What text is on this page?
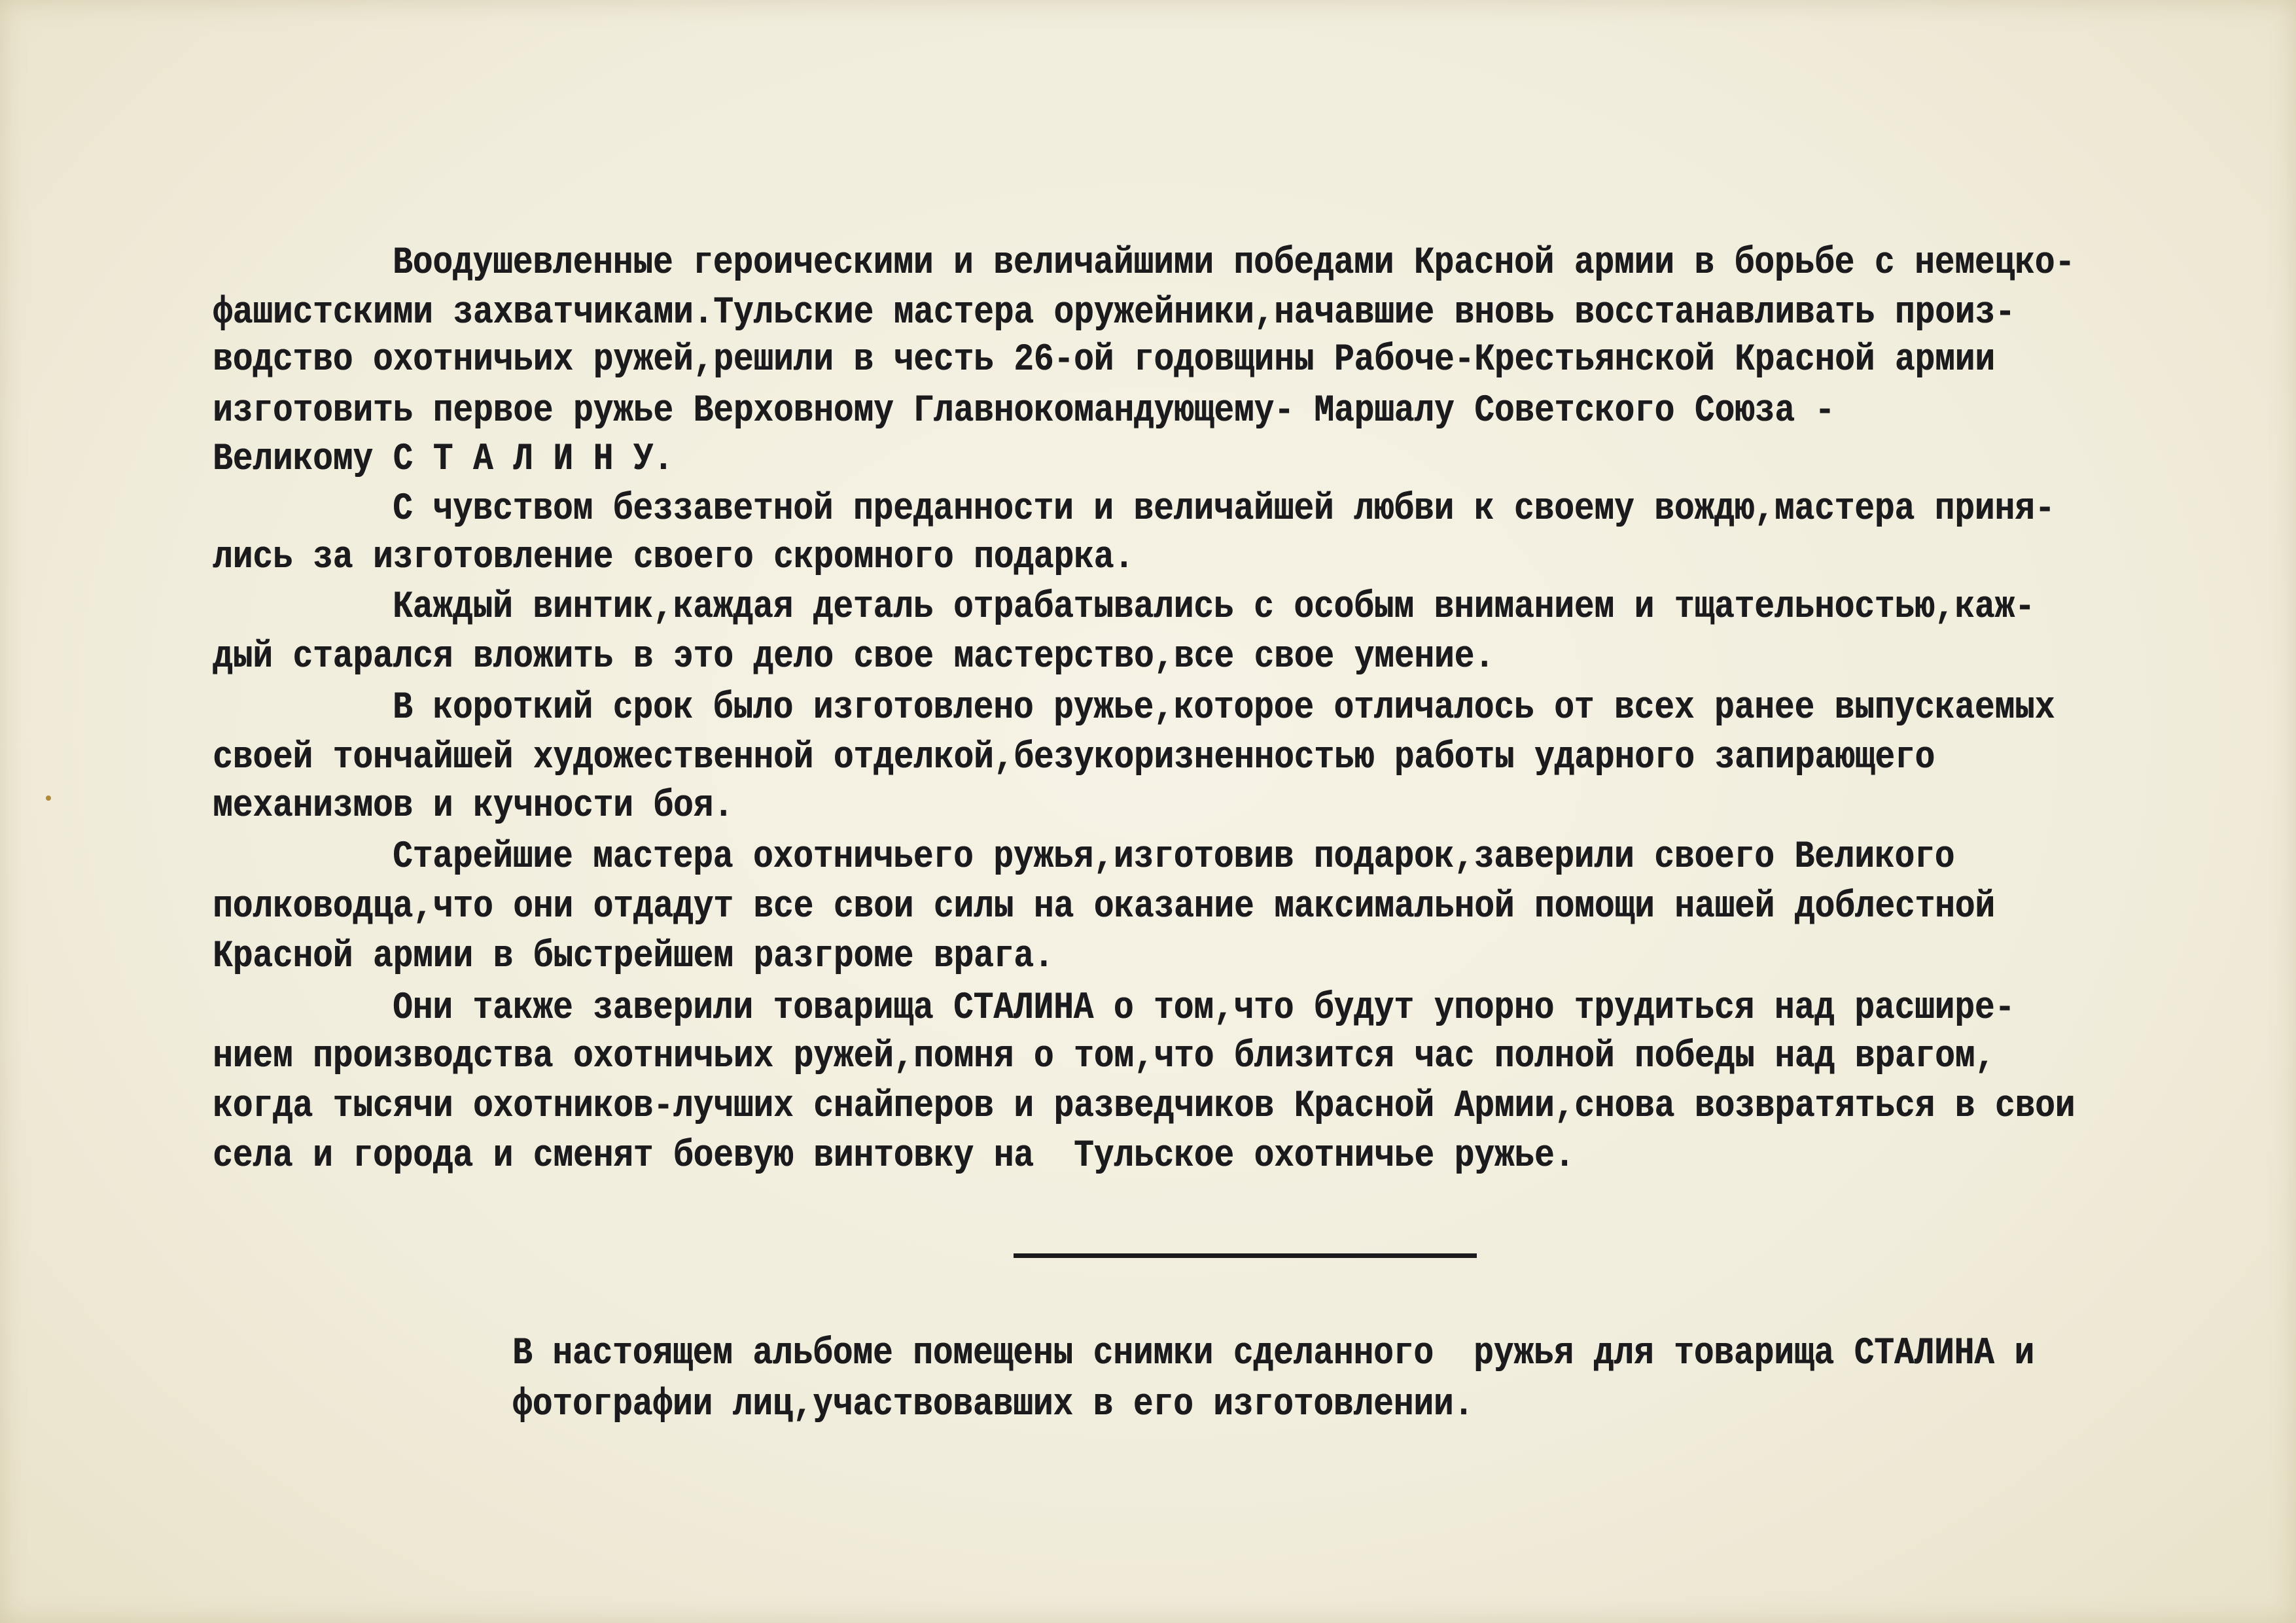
Воодушевленные героическими и величайшими победами Красной армии в борьбе с немецко-
фашистскими захватчиками.Тульские мастера оружейники,начавшие вновь восстанавливать произ-
водство охотничьих ружей,решили в честь 26-ой годовщины Рабоче-Крестьянской Красной армии
изготовить первое ружье Верховному Главнокомандующему- Маршалу Советского Союза -
Великому С Т А Л И Н У.
С чувством беззаветной преданности и величайшей любви к своему вождю,мастера приня-
лись за изготовление своего скромного подарка.
Каждый винтик,каждая деталь отрабатывались с особым вниманием и тщательностью,каж-
дый старался вложить в это дело свое мастерство,все свое умение.
В короткий срок было изготовлено ружье,которое отличалось от всех ранее выпускаемых
своей тончайшей художественной отделкой,безукоризненностью работы ударного запирающего
механизмов и кучности боя.
Старейшие мастера охотничьего ружья,изготовив подарок,заверили своего Великого
полководца,что они отдадут все свои силы на оказание максимальной помощи нашей доблестной
Красной армии в быстрейшем разгроме врага.
Они также заверили товарища СТАЛИНА о том,что будут упорно трудиться над расшире-
нием производства охотничьих ружей,помня о том,что близится час полной победы над врагом,
когда тысячи охотников-лучших снайперов и разведчиков Красной Армии,снова возвратяться в свои
села и города и сменят боевую винтовку на  Тульское охотничье ружье.
В настоящем альбоме помещены снимки сделанного  ружья для товарища СТАЛИНА и
фотографии лиц,участвовавших в его изготовлении.
